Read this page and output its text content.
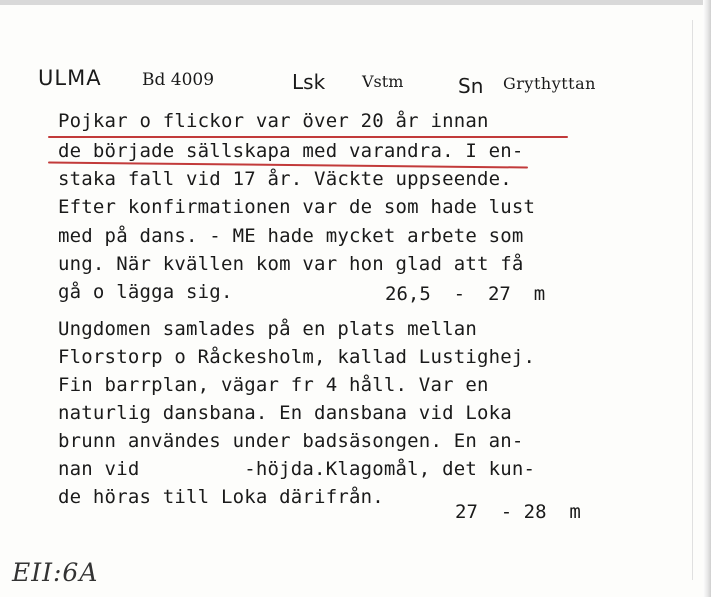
ULMA Bd 4009	Lsk Vstm	Sn Grythyttan
Pojkar o flickor var över 20 år innan
de började sällskapa med varandra. I en-
staka fall vid 17 år. Väckte uppseende.
Efter konfirmationen var de som hade lust
med på dans. - ME hade mycket arbete som
ung. När kvällen kom var hon glad att få
gå o lägga sig.	26,5  -  27  m
Ungdomen samlades på en plats mellan
Florstorp o Råckesholm, kallad Lustighej.
Fin barrplan, vägar fr 4 håll. Var en
naturlig dansbana. En dansbana vid Loka
brunn användes under badsäsongen. En an-
nan vid         -höjda.Klagomål, det kun-
de höras till Loka därifrån.
27  - 28  m
EII:6A
